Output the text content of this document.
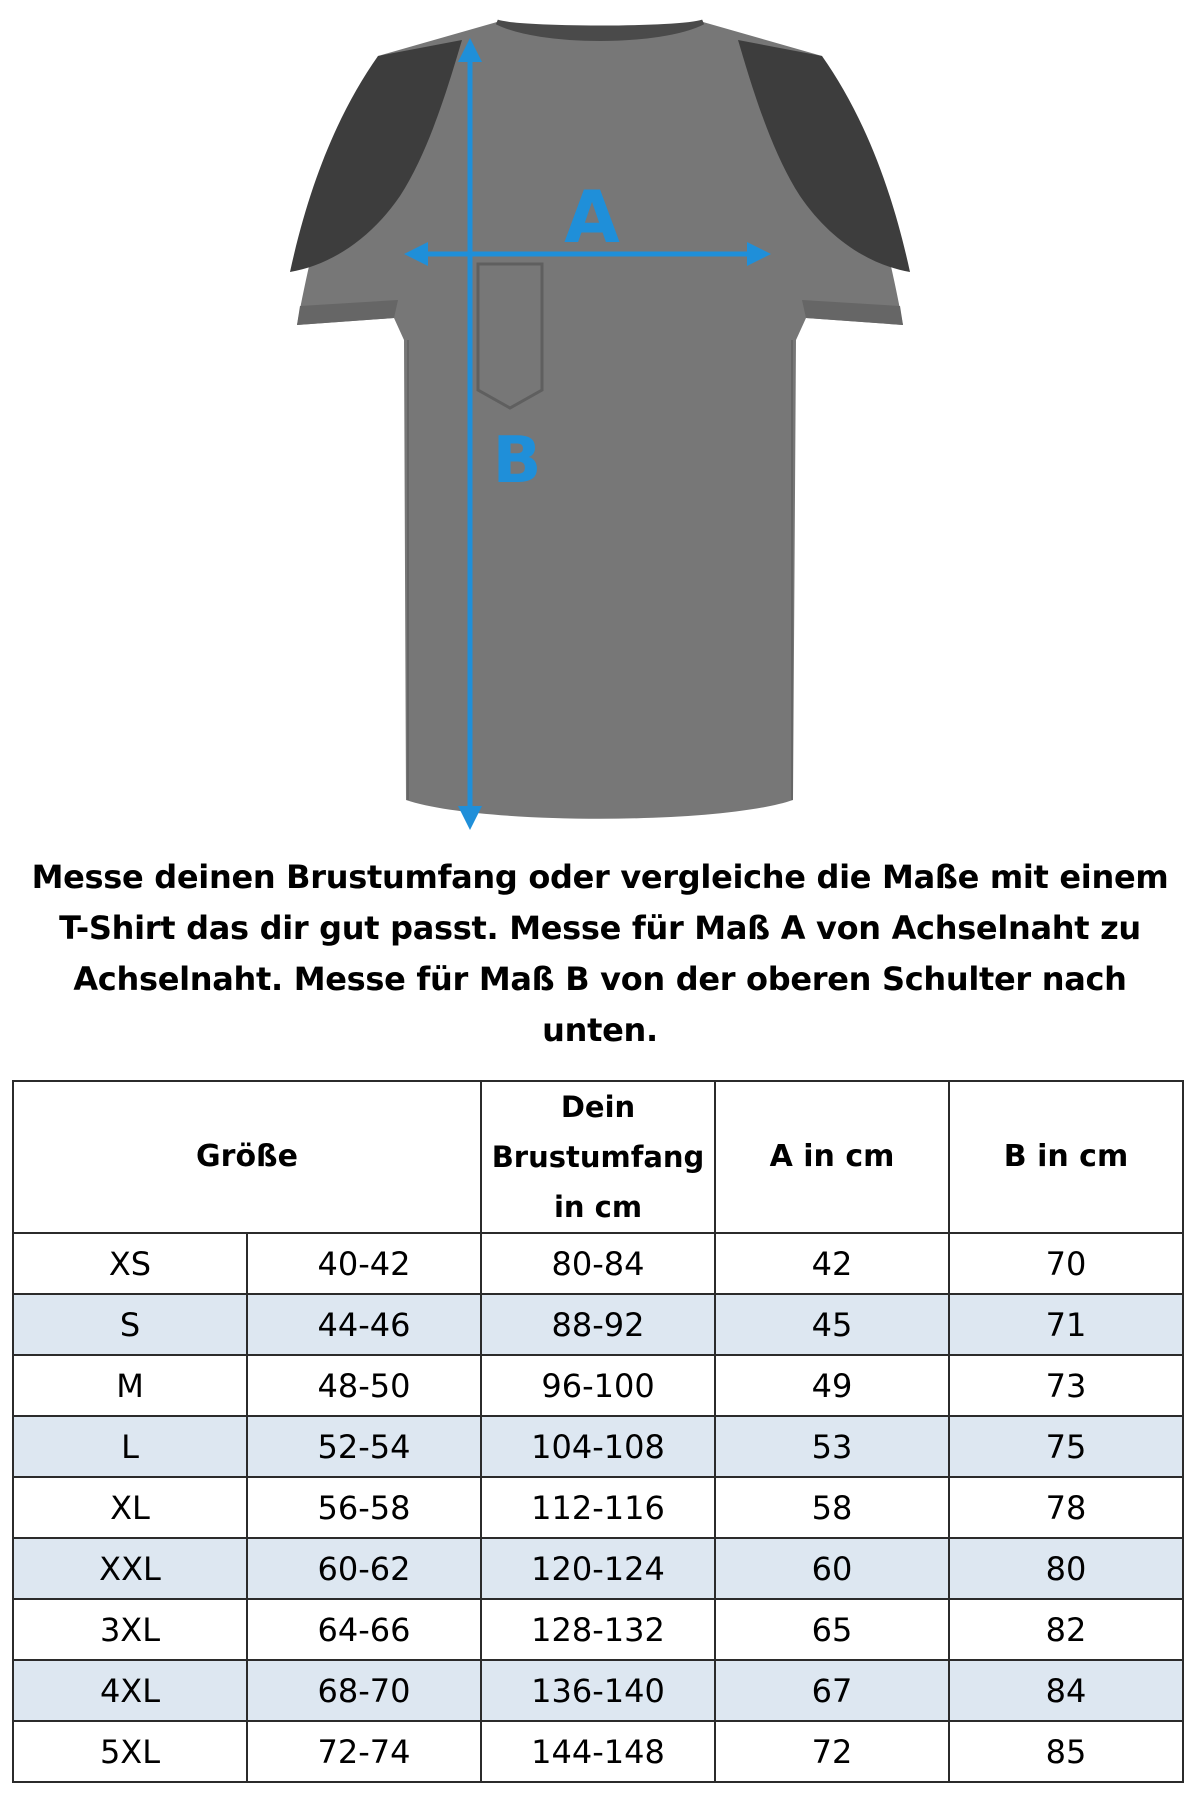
A
B
Messe deinen Brustumfang oder vergleiche die Maße mit einem
T-Shirt das dir gut passt. Messe für Maß A von Achselnaht zu
Achselnaht. Messe für Maß B von der oberen Schulter nach
unten.
Größe		Dein
Brustumfang
in cm	A in cm	B in cm
XS	40-42	80-84	42	70
S	44-46	88-92	45	71
M	48-50	96-100	49	73
L	52-54	104-108	53	75
XL	56-58	112-116	58	78
XXL	60-62	120-124	60	80
3XL	64-66	128-132	65	82
4XL	68-70	136-140	67	84
5XL	72-74	144-148	72	85
